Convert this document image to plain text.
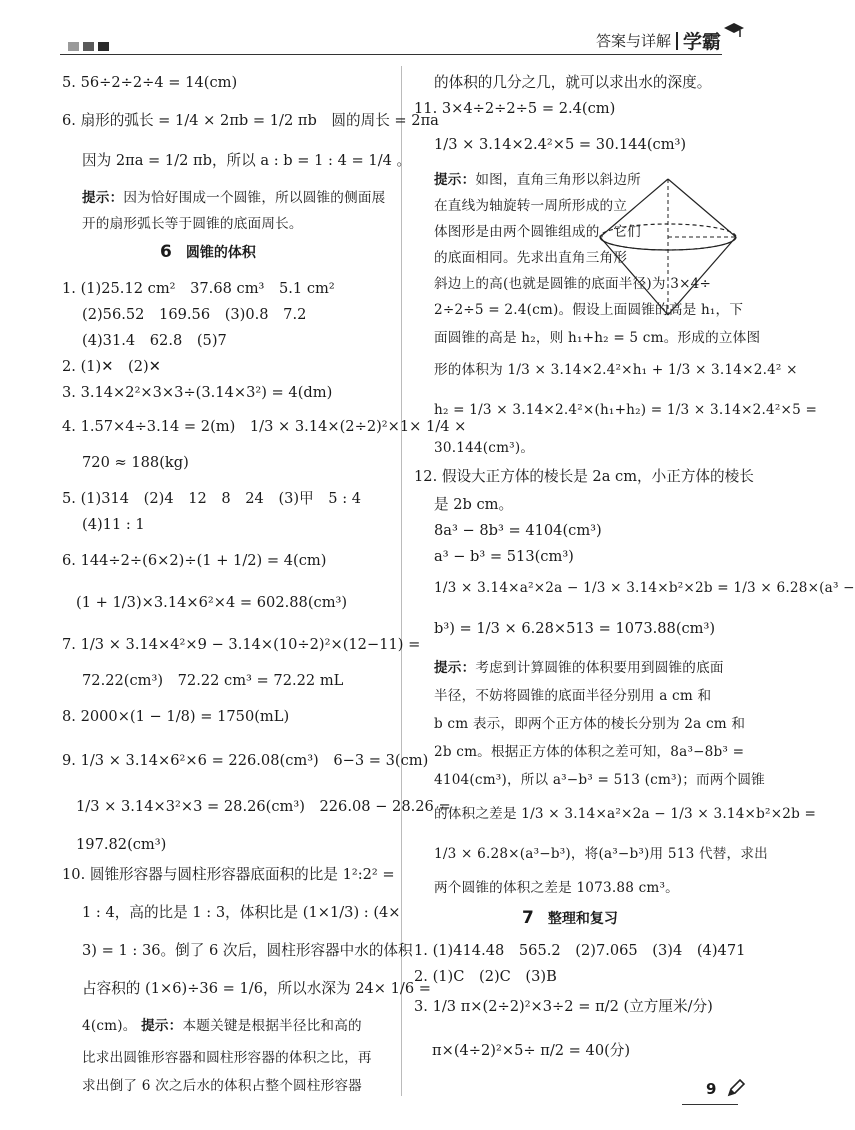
答案与详解 学霸
5. 56÷2÷2÷4 = 14(cm)
6. 扇形的弧长 = 1/4 × 2πb = 1/2 πb　圆的周长 = 2πa
因为 2πa = 1/2 πb，所以 a : b = 1 : 4 = 1/4 。
提示：因为恰好围成一个圆锥，所以圆锥的侧面展
开的扇形弧长等于圆锥的底面周长。
6 圆锥的体积
1. (1)25.12 cm²　37.68 cm³　5.1 cm²
(2)56.52　169.56　(3)0.8　7.2
(4)31.4　62.8　(5)7
2. (1)✕　(2)✕
3. 3.14×2²×3×3÷(3.14×3²) = 4(dm)
4. 1.57×4÷3.14 = 2(m)　1/3 × 3.14×(2÷2)²×1× 1/4 ×
720 ≈ 188(kg)
5. (1)314　(2)4　12　8　24　(3)甲　5 : 4
(4)11 : 1
6. 144÷2÷(6×2)÷(1 + 1/2) = 4(cm)
(1 + 1/3)×3.14×6²×4 = 602.88(cm³)
7. 1/3 × 3.14×4²×9 − 3.14×(10÷2)²×(12−11) =
72.22(cm³)　72.22 cm³ = 72.22 mL
8. 2000×(1 − 1/8) = 1750(mL)
9. 1/3 × 3.14×6²×6 = 226.08(cm³)　6−3 = 3(cm)
1/3 × 3.14×3²×3 = 28.26(cm³)　226.08 − 28.26 =
197.82(cm³)
10. 圆锥形容器与圆柱形容器底面积的比是 1²:2² =
1 : 4，高的比是 1 : 3，体积比是 (1×1/3) : (4×
3) = 1 : 36。倒了 6 次后，圆柱形容器中水的体积
占容积的 (1×6)÷36 = 1/6，所以水深为 24× 1/6 =
4(cm)。 提示：本题关键是根据半径比和高的
比求出圆锥形容器和圆柱形容器的体积之比，再
求出倒了 6 次之后水的体积占整个圆柱形容器
的体积的几分之几，就可以求出水的深度。
11. 3×4÷2÷2÷5 = 2.4(cm)
1/3 × 3.14×2.4²×5 = 30.144(cm³)
提示：如图，直角三角形以斜边所
在直线为轴旋转一周所形成的立
体图形是由两个圆锥组成的，它们
的底面相同。先求出直角三角形
斜边上的高(也就是圆锥的底面半径)为 3×4÷
2÷2÷5 = 2.4(cm)。假设上面圆锥的高是 h₁，下
面圆锥的高是 h₂，则 h₁+h₂ = 5 cm。形成的立体图
形的体积为 1/3 × 3.14×2.4²×h₁ + 1/3 × 3.14×2.4² ×
h₂ = 1/3 × 3.14×2.4²×(h₁+h₂) = 1/3 × 3.14×2.4²×5 =
30.144(cm³)。
12. 假设大正方体的棱长是 2a cm，小正方体的棱长
是 2b cm。
8a³ − 8b³ = 4104(cm³)
a³ − b³ = 513(cm³)
1/3 × 3.14×a²×2a − 1/3 × 3.14×b²×2b = 1/3 × 6.28×(a³ −
b³) = 1/3 × 6.28×513 = 1073.88(cm³)
提示：考虑到计算圆锥的体积要用到圆锥的底面
半径，不妨将圆锥的底面半径分别用 a cm 和
b cm 表示，即两个正方体的棱长分别为 2a cm 和
2b cm。根据正方体的体积之差可知，8a³−8b³ =
4104(cm³)，所以 a³−b³ = 513 (cm³)；而两个圆锥
的体积之差是 1/3 × 3.14×a²×2a − 1/3 × 3.14×b²×2b =
1/3 × 6.28×(a³−b³)，将(a³−b³)用 513 代替，求出
两个圆锥的体积之差是 1073.88 cm³。
7 整理和复习
1. (1)414.48　565.2　(2)7.065　(3)4　(4)471
2. (1)C　(2)C　(3)B
3. 1/3 π×(2÷2)²×3÷2 = π/2 (立方厘米/分)
π×(4÷2)²×5÷ π/2 = 40(分)
9
